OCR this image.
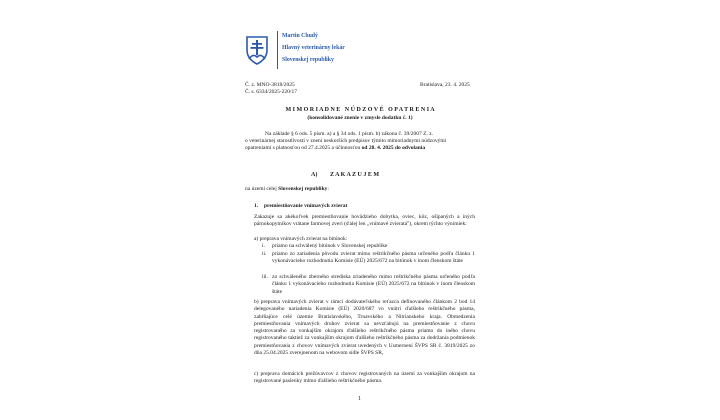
Martin Chudý
Hlavný veterinárny lekár
Slovenskej republiky
Č. z. MNO-3818/2025
Č. s. 6334/2025-220/17
Bratislava, 23. 4. 2025
M I M O R I A D N E   N Ú D Z O V É   O P A T R E N I A
(konsolidované znenie v zmysle dodatku č. 1)
Na základe § 6 ods. 5 písm. a) a § 34 ods. 1 písm. b) zákona č. 39/2007 Z. z.
o veterinárnej starostlivosti v znení neskorších predpisov týmito mimoriadnymi núdzovými
opatreniami s platnosťou od 27.4.2025 a účinnosťou od 28. 4. 2025 do odvolania
A) Z A K A Z U J E M
na území celej Slovenskej republiky:
1. premiestňovanie vnímavých zvierat
Zakazuje sa akékoľvek premiestňovanie hovädzieho dobytka, oviec, kôz, ošípaných a iných párnokopytníkov vrátane farmovej zveri (ďalej len „vnímavé zvieratá"), okrem týchto výnimiek:
a) preprava vnímavých zvierat na bitúnok:
i. priamo na schválený bitúnok v Slovenskej republike
ii. priamo zo zariadenia pôvodu zvierat mimo reštrikčného pásma určeného podľa článku 1 vykonávacieho rozhodnutia Komisie (EÚ) 2025/672 na bitúnok v inom členskom štáte
iii. zo schváleného zberného strediska zriadeného mimo reštrikčného pásma určeného podľa článku 1 vykonávacieho rozhodnutia Komisie (EÚ) 2025/672 na bitúnok v inom členskom štáte
b) preprava vnímavých zvierat v rámci dodávateľského reťazca definovaného článkom 2 bod 14 delegovaného nariadenia Komisie (EÚ) 2020/687 vo vnútri ďalšieho reštrikčného pásma, zahŕňajúce celé územie Bratislavského, Trnavského a Nitrianskeho kraja. Obmedzenia premiestňovania vnímavých druhov zvierat sa nevzťahujú na premiestňovanie z chovu registrovaného za vonkajším okrajom ďalšieho reštrikčného pásma priamo do iného chovu registrovaného taktiež za vonkajším okrajom ďalšieho reštrikčného pásma za dodržania podmienok premiestňovania z chovov vnímavých zvierat uvedených v Usmernení ŠVPS SR č. 3819/2025 zo dňa 25.04.2025 zverejnenom na webovom sídle ŠVPS SR,
c) preprava domácich prežúvavcov z chovov registrovaných na území za vonkajším okrajom na registrované pasienky mimo ďalšieho reštrikčného pásma.
1
